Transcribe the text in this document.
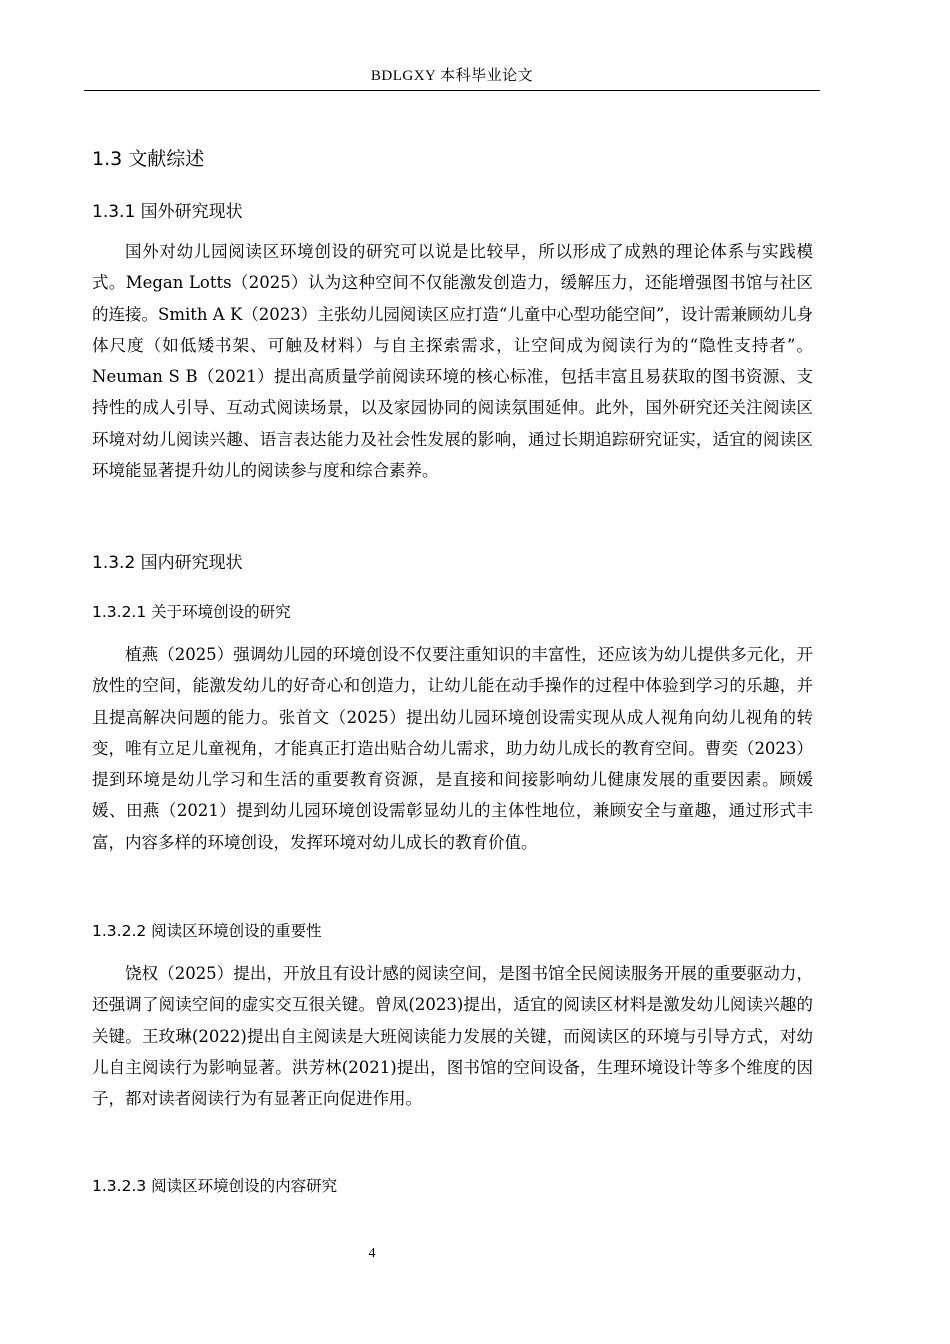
BDLGXY 本科毕业论文
1.3 文献综述
1.3.1 国外研究现状

国外对幼儿园阅读区环境创设的研究可以说是比较早，所以形成了成熟的理论体系与实践模式。Megan Lotts（2025）认为这种空间不仅能激发创造力，缓解压力，还能增强图书馆与社区的连接。Smith A K（2023）主张幼儿园阅读区应打造“儿童中心型功能空间”，设计需兼顾幼儿身体尺度（如低矮书架、可触及材料）与自主探索需求，让空间成为阅读行为的“隐性支持者”。 Neuman S B（2021）提出高质量学前阅读环境的核心标准，包括丰富且易获取的图书资源、支持性的成人引导、互动式阅读场景，以及家园协同的阅读氛围延伸。此外，国外研究还关注阅读区环境对幼儿阅读兴趣、语言表达能力及社会性发展的影响，通过长期追踪研究证实，适宜的阅读区环境能显著提升幼儿的阅读参与度和综合素养。

1.3.2 国内研究现状
1.3.2.1 关于环境创设的研究

植燕（2025）强调幼儿园的环境创设不仅要注重知识的丰富性，还应该为幼儿提供多元化，开放性的空间，能激发幼儿的好奇心和创造力，让幼儿能在动手操作的过程中体验到学习的乐趣，并且提高解决问题的能力。张首文（2025）提出幼儿园环境创设需实现从成人视角向幼儿视角的转变，唯有立足儿童视角，才能真正打造出贴合幼儿需求，助力幼儿成长的教育空间。曹奕（2023）提到环境是幼儿学习和生活的重要教育资源，是直接和间接影响幼儿健康发展的重要因素。顾媛媛、田燕（2021）提到幼儿园环境创设需彰显幼儿的主体性地位，兼顾安全与童趣，通过形式丰富，内容多样的环境创设，发挥环境对幼儿成长的教育价值。

1.3.2.2 阅读区环境创设的重要性

饶权（2025）提出，开放且有设计感的阅读空间，是图书馆全民阅读服务开展的重要驱动力，还强调了阅读空间的虚实交互很关键。曾凤(2023)提出，适宜的阅读区材料是激发幼儿阅读兴趣的关键。王玫琳(2022)提出自主阅读是大班阅读能力发展的关键，而阅读区的环境与引导方式，对幼儿自主阅读行为影响显著。洪芳林(2021)提出，图书馆的空间设备，生理环境设计等多个维度的因子，都对读者阅读行为有显著正向促进作用。

1.3.2.3 阅读区环境创设的内容研究
4
